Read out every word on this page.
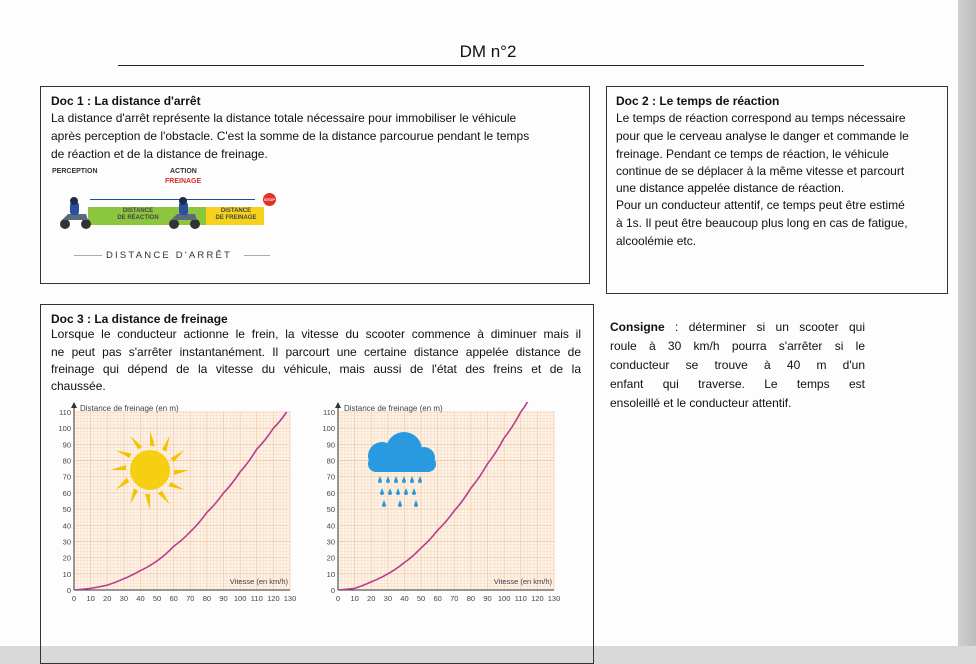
DM n°2
Doc 1 : La distance d'arrêt
La distance d'arrêt représente la distance totale nécessaire pour immobiliser le véhicule
après perception de l'obstacle. C'est la somme de la distance parcourue pendant le temps
de réaction et de la distance de freinage.
PERCEPTION	ACTION
FREINAGE
STOP
DISTANCE
DE RÉACTION
DISTANCE
DE FREINAGE
DISTANCE D'ARRÊT
Doc 2 : Le temps de réaction
Le temps de réaction correspond au temps nécessaire
pour que le cerveau analyse le danger et commande le
freinage. Pendant ce temps de réaction, le véhicule
continue de se déplacer à la même vitesse et parcourt
une distance appelée distance de réaction.
Pour un conducteur attentif, ce temps peut être estimé
à 1s. Il peut être beaucoup plus long en cas de fatigue,
alcoolémie etc.
Doc 3 : La distance de freinage
Lorsque le conducteur actionne le frein, la vitesse du scooter commence à diminuer mais il
ne peut pas s'arrêter instantanément. Il parcourt une certaine distance appelée distance de
freinage qui dépend de la vitesse du véhicule, mais aussi de l'état des freins et de la
chaussée.
0
10
20
30
40
50
60
70
80
90
100
110
0 10 20 30 40 50 60 70 80 90 100 110 120 130
Distance de freinage (en m)
Vitesse (en km/h)
0
10
20
30
40
50
60
70
80
90
100
110
0 10 20 30 40 50 60 70 80 90 100 110 120 130
Distance de freinage (en m)
Vitesse (en km/h)
Consigne : déterminer si un scooter qui
roule à 30 km/h pourra s'arrêter si le
conducteur se trouve à 40 m d'un
enfant qui traverse. Le temps est
ensoleillé et le conducteur attentif.
